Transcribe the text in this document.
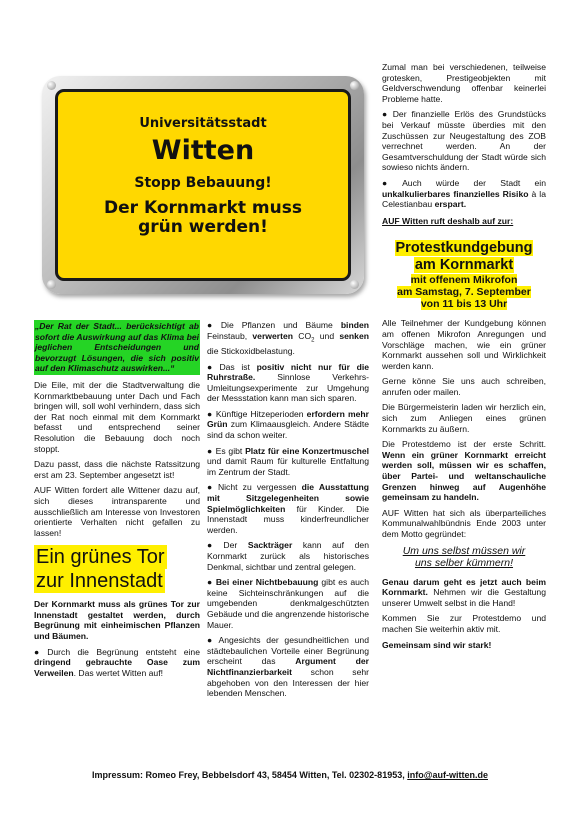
Universitätsstadt
Witten
Stopp Bebauung!
Der Kornmarkt muss
grün werden!
„Der Rat der Stadt... berücksichtigt ab sofort die Auswirkung auf das Klima bei jeglichen Entscheidungen und bevorzugt Lösungen, die sich positiv auf den Klimaschutz auswirken...“

Die Eile, mit der die Stadtverwaltung die Kornmarktbebauung unter Dach und Fach bringen will, soll wohl verhindern, dass sich der Rat noch einmal mit dem Kornmarkt befasst und entsprechend seiner Resolution die Bebauung doch noch stoppt.

Dazu passt, dass die nächste Ratssitzung erst am 23. September angesetzt ist!

AUF Witten fordert alle Wittener dazu auf, sich dieses intransparente und ausschließlich am Interesse von Investoren orientierte Verhalten nicht gefallen zu lassen!

Ein grünes Tor
zur Innenstadt

Der Kornmarkt muss als grünes Tor zur Innenstadt gestaltet werden, durch Begrünung mit einheimischen Pflanzen und Bäumen.

● Durch die Begrünung entsteht eine dringend gebrauchte Oase zum Verweilen. Das wertet Witten auf!
● Die Pflanzen und Bäume binden Feinstaub, verwerten $CO_2$ und senken die Stickoxidbelastung.
● Das ist positiv nicht nur für die Ruhrstraße. Sinnlose Verkehrs-Umleitungsexperimente zur Umgehung der Messstation kann man sich sparen.
● Künftige Hitzeperioden erfordern mehr Grün zum Klimaausgleich. Andere Städte sind da schon weiter.
● Es gibt Platz für eine Konzertmuschel und damit Raum für kulturelle Entfaltung im Zentrum der Stadt.
● Nicht zu vergessen die Ausstattung mit Sitzgelegenheiten sowie Spielmöglichkeiten für Kinder. Die Innenstadt muss kinderfreundlicher werden.
● Der Sackträger kann auf den Kornmarkt zurück als historisches Denkmal, sichtbar und zentral gelegen.
● Bei einer Nichtbebauung gibt es auch keine Sichteinschränkungen auf die umgebenden denkmalgeschützten Gebäude und die angrenzende historische Mauer.
● Angesichts der gesundheitlichen und städtebaulichen Vorteile einer Begrünung erscheint das Argument der Nichtfinanzierbarkeit schon sehr abgehoben von den Interessen der hier lebenden Menschen.

Zumal man bei verschiedenen, teilweise grotesken, Prestigeobjekten mit Geldverschwendung offenbar keinerlei Probleme hatte.

● Der finanzielle Erlös des Grundstücks bei Verkauf müsste überdies mit den Zuschüssen zur Neugestaltung des ZOB verrechnet werden. An der Gesamtverschuldung der Stadt würde sich sowieso nichts ändern.
● Auch würde der Stadt ein unkalkulierbares finanzielles Risiko à la Celestianbau erspart.

AUF Witten ruft deshalb auf zur:

Protestkundgebung
am Kornmarkt
mit offenem Mikrofon
am Samstag, 7. September
von 11 bis 13 Uhr

Alle Teilnehmer der Kundgebung können am offenen Mikrofon Anregungen und Vorschläge machen, wie ein grüner Kornmarkt aussehen soll und Wirklichkeit werden kann.

Gerne könne Sie uns auch schreiben, anrufen oder mailen.

Die Bürgermeisterin laden wir herzlich ein, sich zum Anliegen eines grünen Kornmarkts zu äußern.

Die Protestdemo ist der erste Schritt. Wenn ein grüner Kornmarkt erreicht werden soll, müssen wir es schaffen, über Partei- und weltanschauliche Grenzen hinweg auf Augenhöhe gemeinsam zu handeln.

AUF Witten hat sich als überparteiliches Kommunalwahlbündnis Ende 2003 unter dem Motto gegründet:

Um uns selbst müssen wir
uns selber kümmern!

Genau darum geht es jetzt auch beim Kornmarkt. Nehmen wir die Gestaltung unserer Umwelt selbst in die Hand!

Kommen Sie zur Protestdemo und machen Sie weiterhin aktiv mit.

Gemeinsam sind wir stark!

Impressum: Romeo Frey, Bebbelsdorf 43, 58454 Witten, Tel. 02302-81953, info@auf-witten.de
